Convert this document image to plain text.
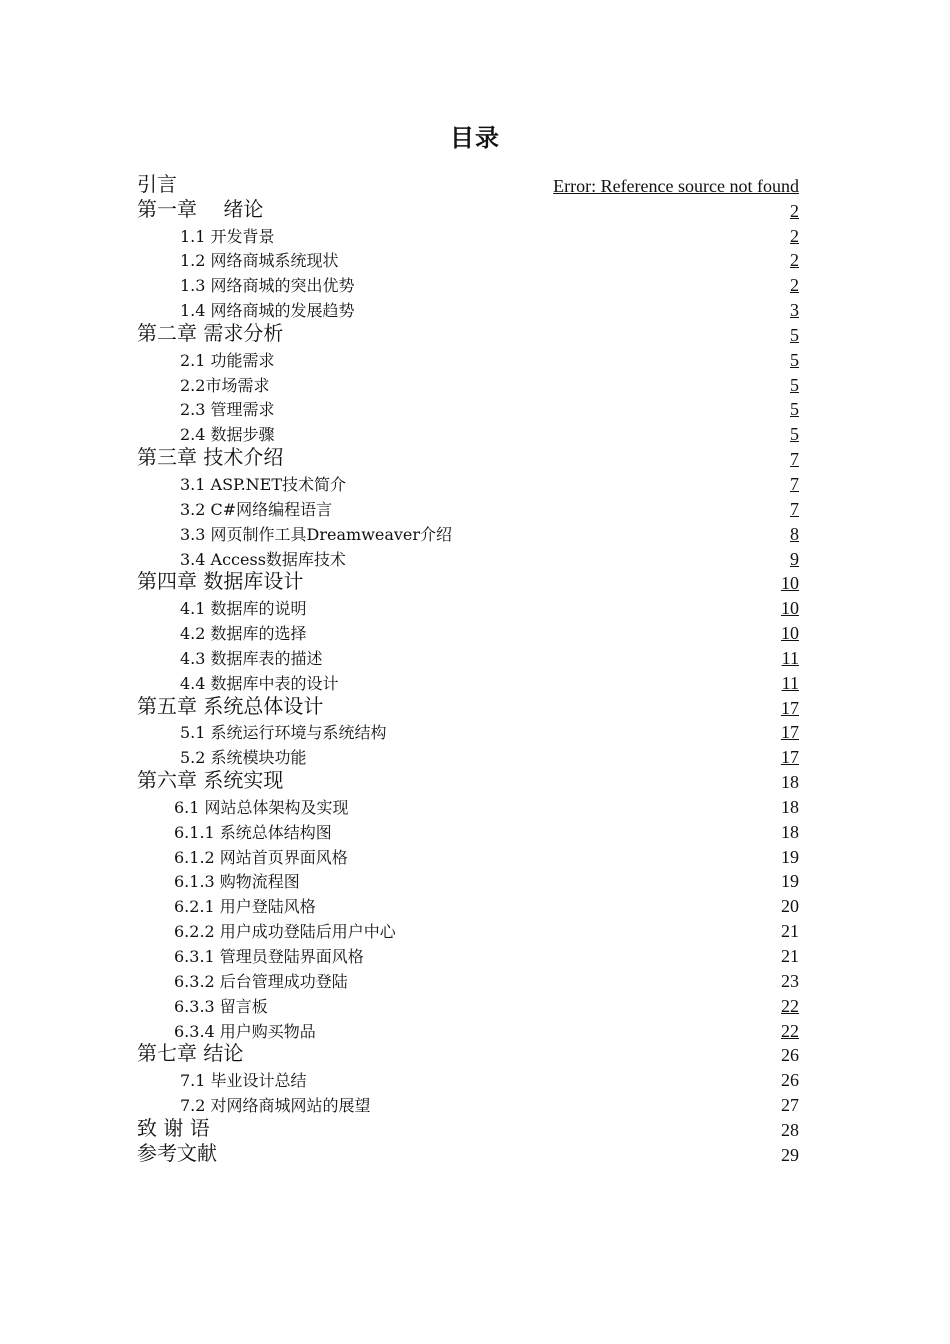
目录
引言	Error: Reference source not found
第一章　 绪论	2
1.1 开发背景	2
1.2 网络商城系统现状	2
1.3 网络商城的突出优势	2
1.4 网络商城的发展趋势	3
第二章 需求分析	5
2.1 功能需求	5
2.2市场需求	5
2.3 管理需求	5
2.4 数据步骤	5
第三章 技术介绍	7
3.1 ASP.NET技术简介	7
3.2 C#网络编程语言	7
3.3 网页制作工具Dreamweaver介绍	8
3.4 Access数据库技术	9
第四章 数据库设计	10
4.1 数据库的说明	10
4.2 数据库的选择	10
4.3 数据库表的描述	11
4.4 数据库中表的设计	11
第五章 系统总体设计	17
5.1 系统运行环境与系统结构	17
5.2 系统模块功能	17
第六章 系统实现	18
6.1 网站总体架构及实现	18
6.1.1 系统总体结构图	18
6.1.2 网站首页界面风格	19
6.1.3 购物流程图	19
6.2.1 用户登陆风格	20
6.2.2 用户成功登陆后用户中心	21
6.3.1 管理员登陆界面风格	21
6.3.2 后台管理成功登陆	23
6.3.3 留言板	22
6.3.4 用户购买物品	22
第七章 结论	26
7.1 毕业设计总结	26
7.2 对网络商城网站的展望	27
致 谢 语	28
参考文献	29
